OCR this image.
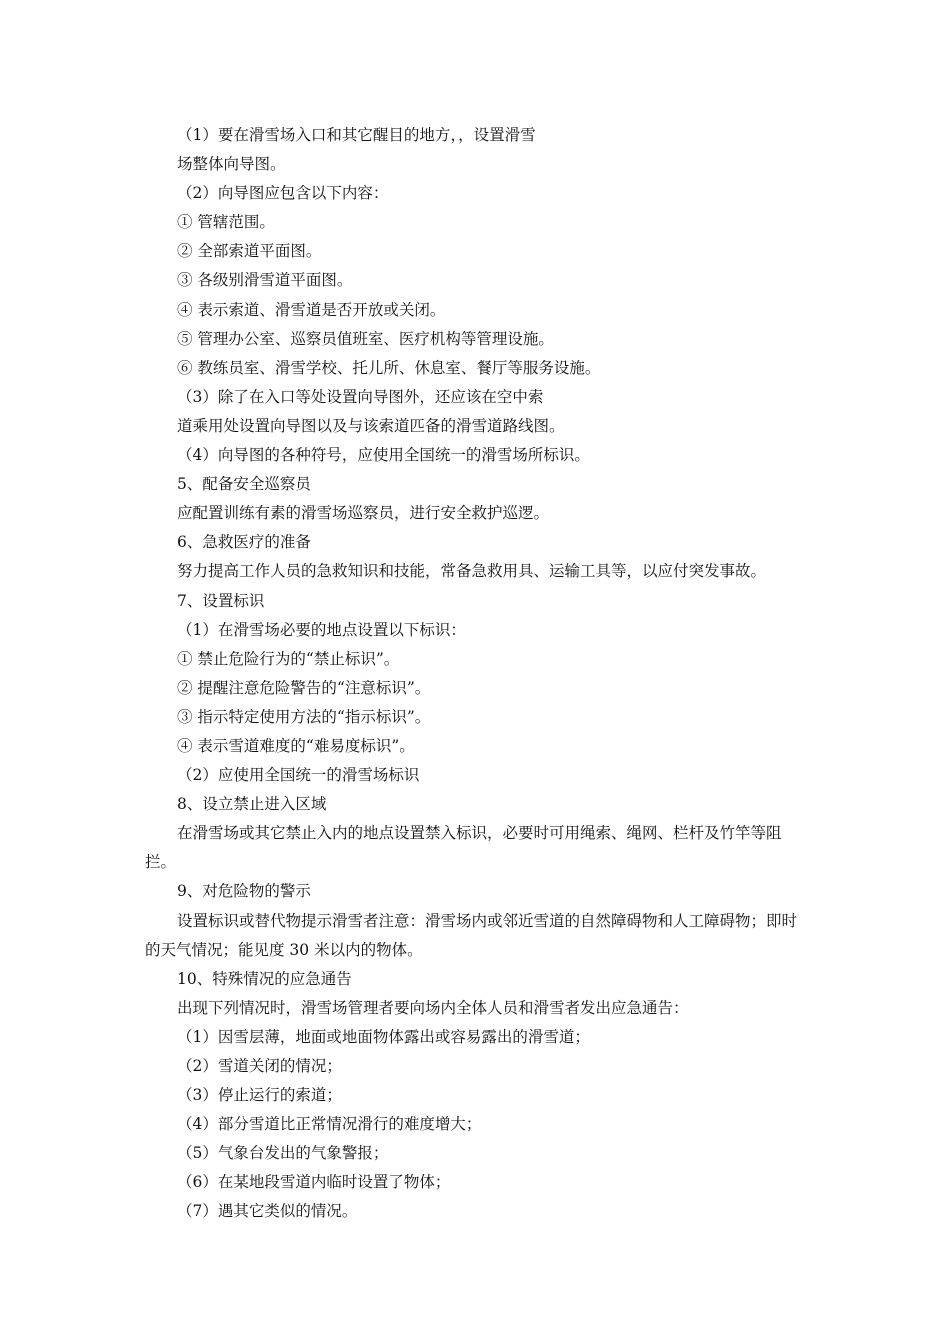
（1）要在滑雪场入口和其它醒目的地方，，设置滑雪
场整体向导图。
（2）向导图应包含以下内容：
① 管辖范围。
② 全部索道平面图。
③ 各级别滑雪道平面图。
④ 表示索道、滑雪道是否开放或关闭。
⑤ 管理办公室、巡察员值班室、医疗机构等管理设施。
⑥ 教练员室、滑雪学校、托儿所、休息室、餐厅等服务设施。
（3）除了在入口等处设置向导图外，还应该在空中索
道乘用处设置向导图以及与该索道匹备的滑雪道路线图。
（4）向导图的各种符号，应使用全国统一的滑雪场所标识。
5、配备安全巡察员
应配置训练有素的滑雪场巡察员，进行安全救护巡逻。
6、急救医疗的准备
努力提高工作人员的急救知识和技能，常备急救用具、运输工具等，以应付突发事故。
7、设置标识
（1）在滑雪场必要的地点设置以下标识：
① 禁止危险行为的“禁止标识”。
② 提醒注意危险警告的“注意标识”。
③ 指示特定使用方法的“指示标识”。
④ 表示雪道难度的“难易度标识”。
（2）应使用全国统一的滑雪场标识
8、设立禁止进入区域
在滑雪场或其它禁止入内的地点设置禁入标识，必要时可用绳索、绳网、栏杆及竹竿等阻拦。
9、对危险物的警示
设置标识或替代物提示滑雪者注意：滑雪场内或邻近雪道的自然障碍物和人工障碍物；即时的天气情况；能见度 30 米以内的物体。
10、特殊情况的应急通告
出现下列情况时，滑雪场管理者要向场内全体人员和滑雪者发出应急通告：
（1）因雪层薄，地面或地面物体露出或容易露出的滑雪道；
（2）雪道关闭的情况；
（3）停止运行的索道；
（4）部分雪道比正常情况滑行的难度增大；
（5）气象台发出的气象警报；
（6）在某地段雪道内临时设置了物体；
（7）遇其它类似的情况。
